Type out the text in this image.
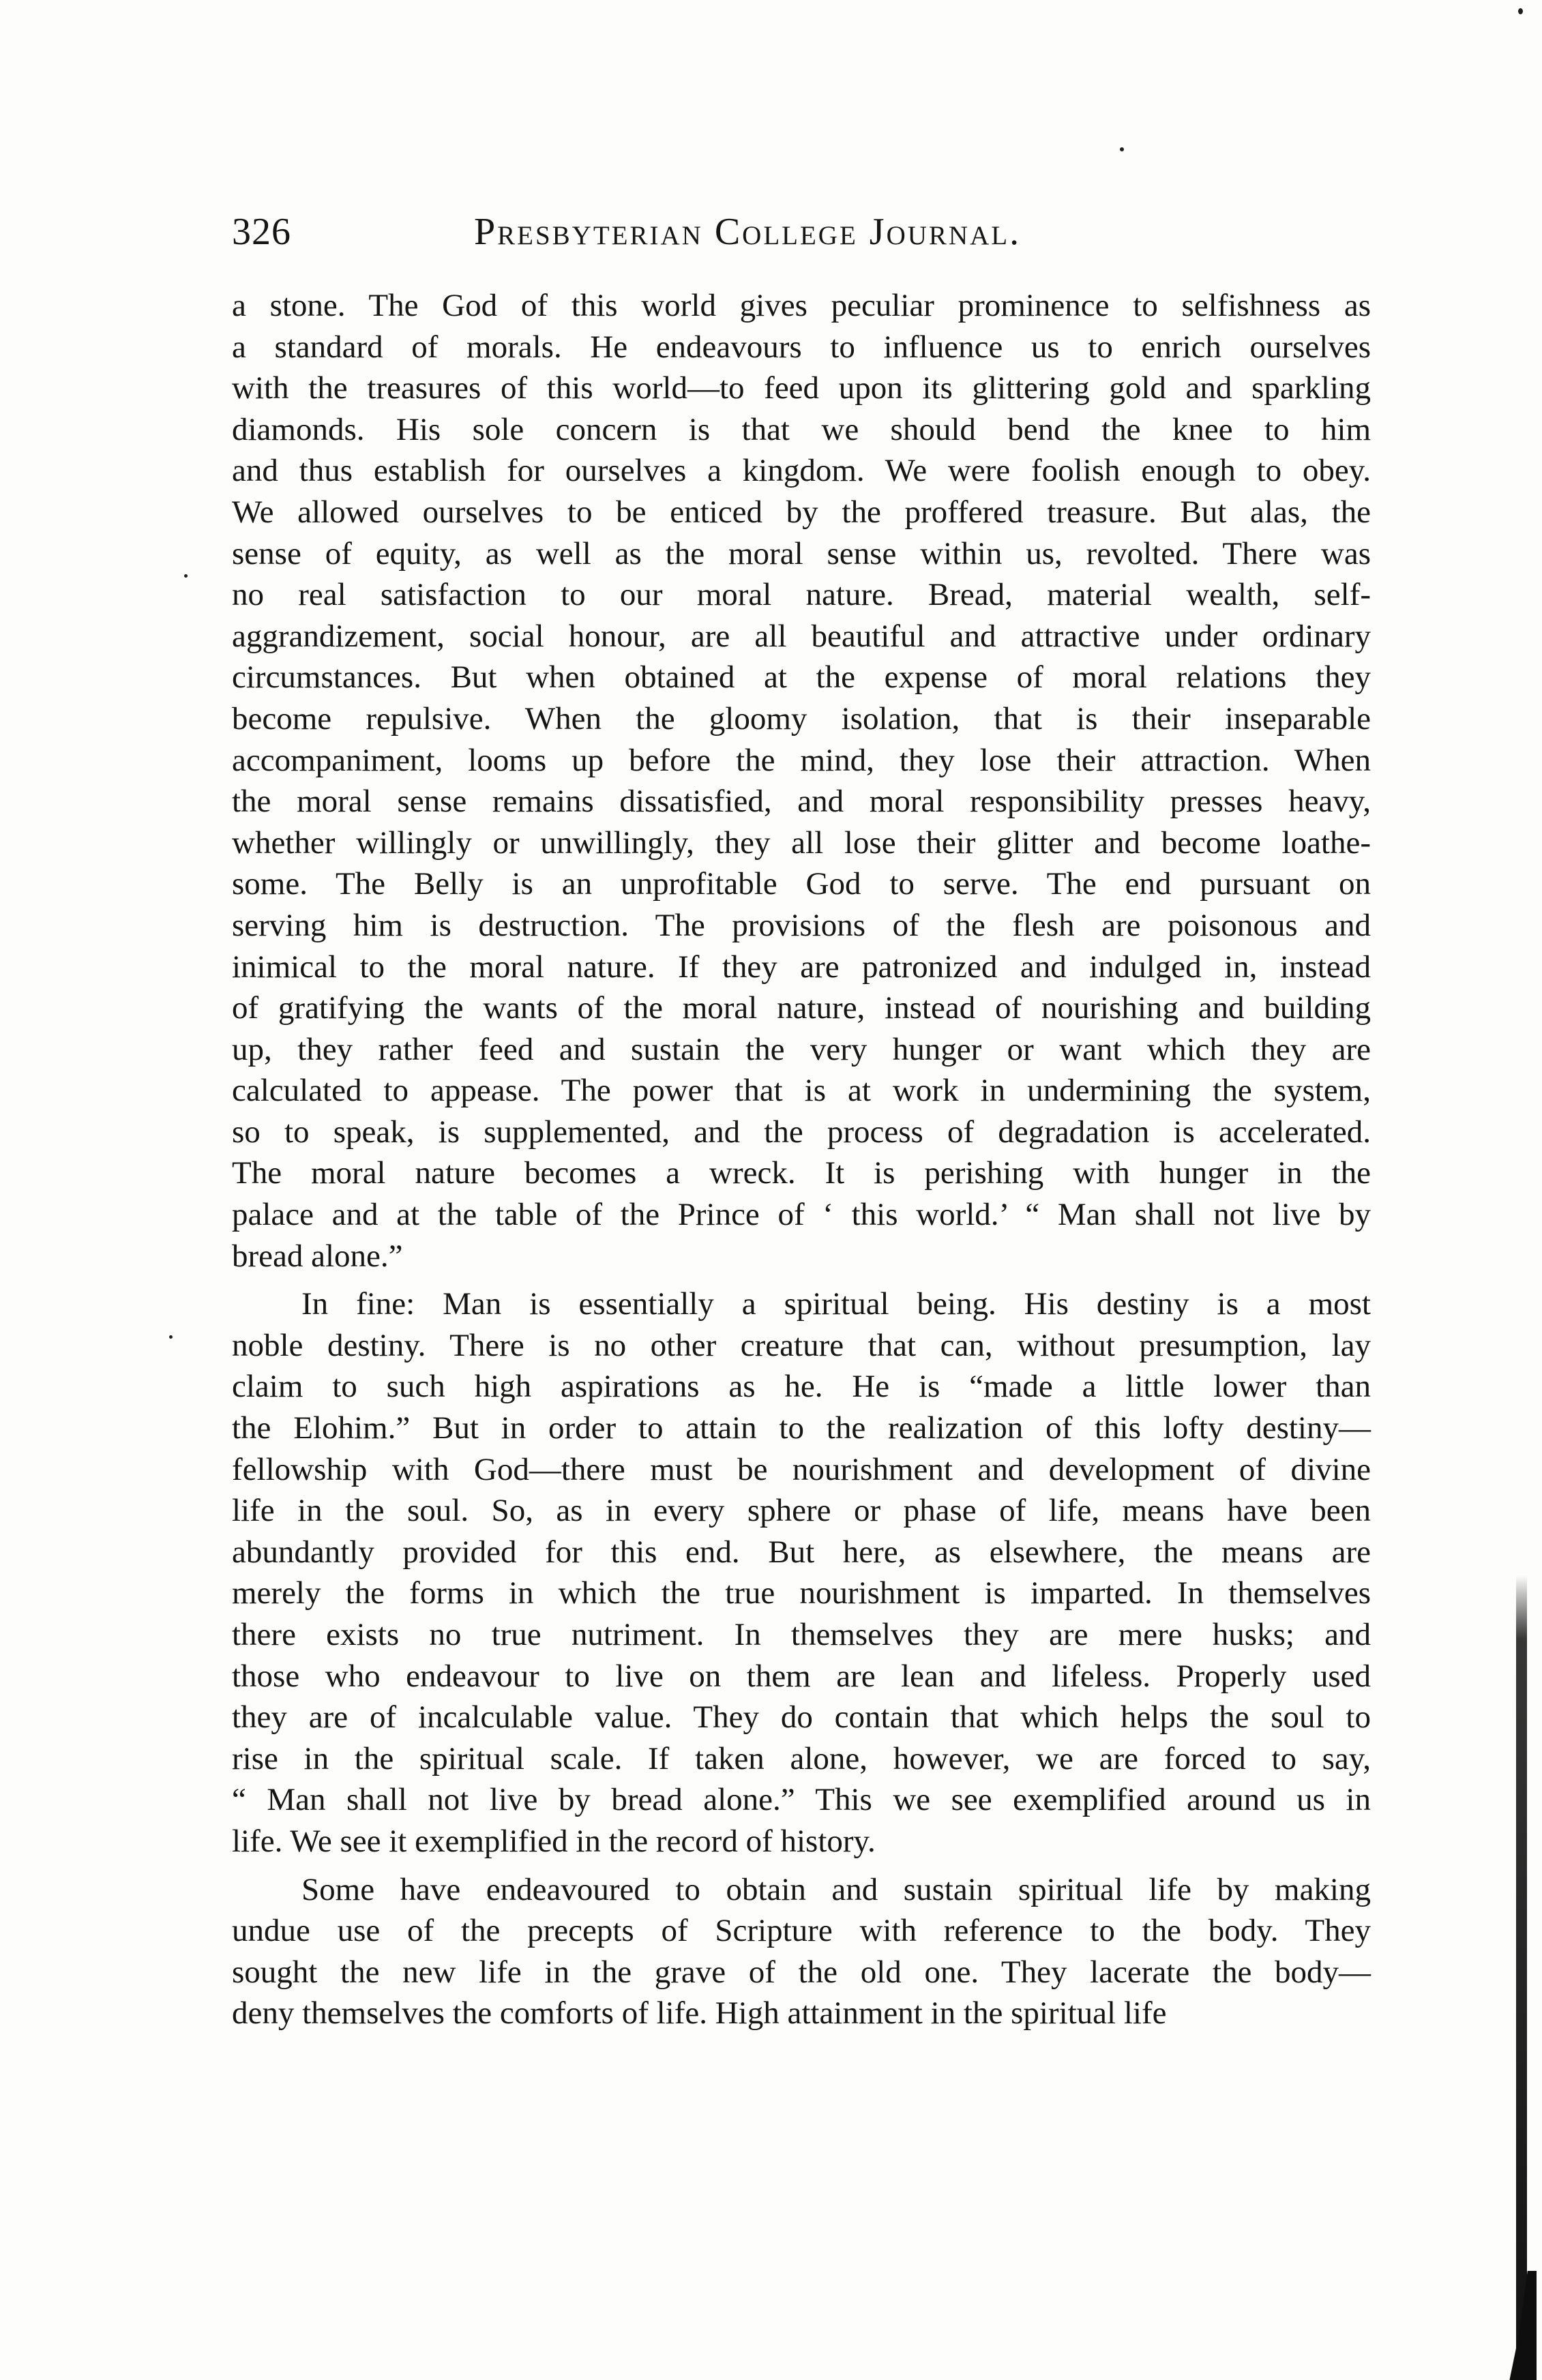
326	Presbyterian College Journal.
a stone. The God of this world gives peculiar prominence to selfishness as
a standard of morals. He endeavours to influence us to enrich ourselves
with the treasures of this world—to feed upon its glittering gold and sparkling
diamonds. His sole concern is that we should bend the knee to him
and thus establish for ourselves a kingdom. We were foolish enough to obey.
We allowed ourselves to be enticed by the proffered treasure. But alas, the
sense of equity, as well as the moral sense within us, revolted. There was
no real satisfaction to our moral nature. Bread, material wealth, self-
aggrandizement, social honour, are all beautiful and attractive under ordinary
circumstances. But when obtained at the expense of moral relations they
become repulsive. When the gloomy isolation, that is their inseparable
accompaniment, looms up before the mind, they lose their attraction. When
the moral sense remains dissatisfied, and moral responsibility presses heavy,
whether willingly or unwillingly, they all lose their glitter and become loathe-
some. The Belly is an unprofitable God to serve. The end pursuant on
serving him is destruction. The provisions of the flesh are poisonous and
inimical to the moral nature. If they are patronized and indulged in, instead
of gratifying the wants of the moral nature, instead of nourishing and building
up, they rather feed and sustain the very hunger or want which they are
calculated to appease. The power that is at work in undermining the system,
so to speak, is supplemented, and the process of degradation is accelerated.
The moral nature becomes a wreck. It is perishing with hunger in the
palace and at the table of the Prince of ‘ this world.’ “ Man shall not live by
bread alone.”
In fine: Man is essentially a spiritual being. His destiny is a most
noble destiny. There is no other creature that can, without presumption, lay
claim to such high aspirations as he. He is “made a little lower than
the Elohim.” But in order to attain to the realization of this lofty destiny—
fellowship with God—there must be nourishment and development of divine
life in the soul. So, as in every sphere or phase of life, means have been
abundantly provided for this end. But here, as elsewhere, the means are
merely the forms in which the true nourishment is imparted. In themselves
there exists no true nutriment. In themselves they are mere husks; and
those who endeavour to live on them are lean and lifeless. Properly used
they are of incalculable value. They do contain that which helps the soul to
rise in the spiritual scale. If taken alone, however, we are forced to say,
“ Man shall not live by bread alone.” This we see exemplified around us in
life. We see it exemplified in the record of history.
Some have endeavoured to obtain and sustain spiritual life by making
undue use of the precepts of Scripture with reference to the body. They
sought the new life in the grave of the old one. They lacerate the body—
deny themselves the comforts of life. High attainment in the spiritual life
